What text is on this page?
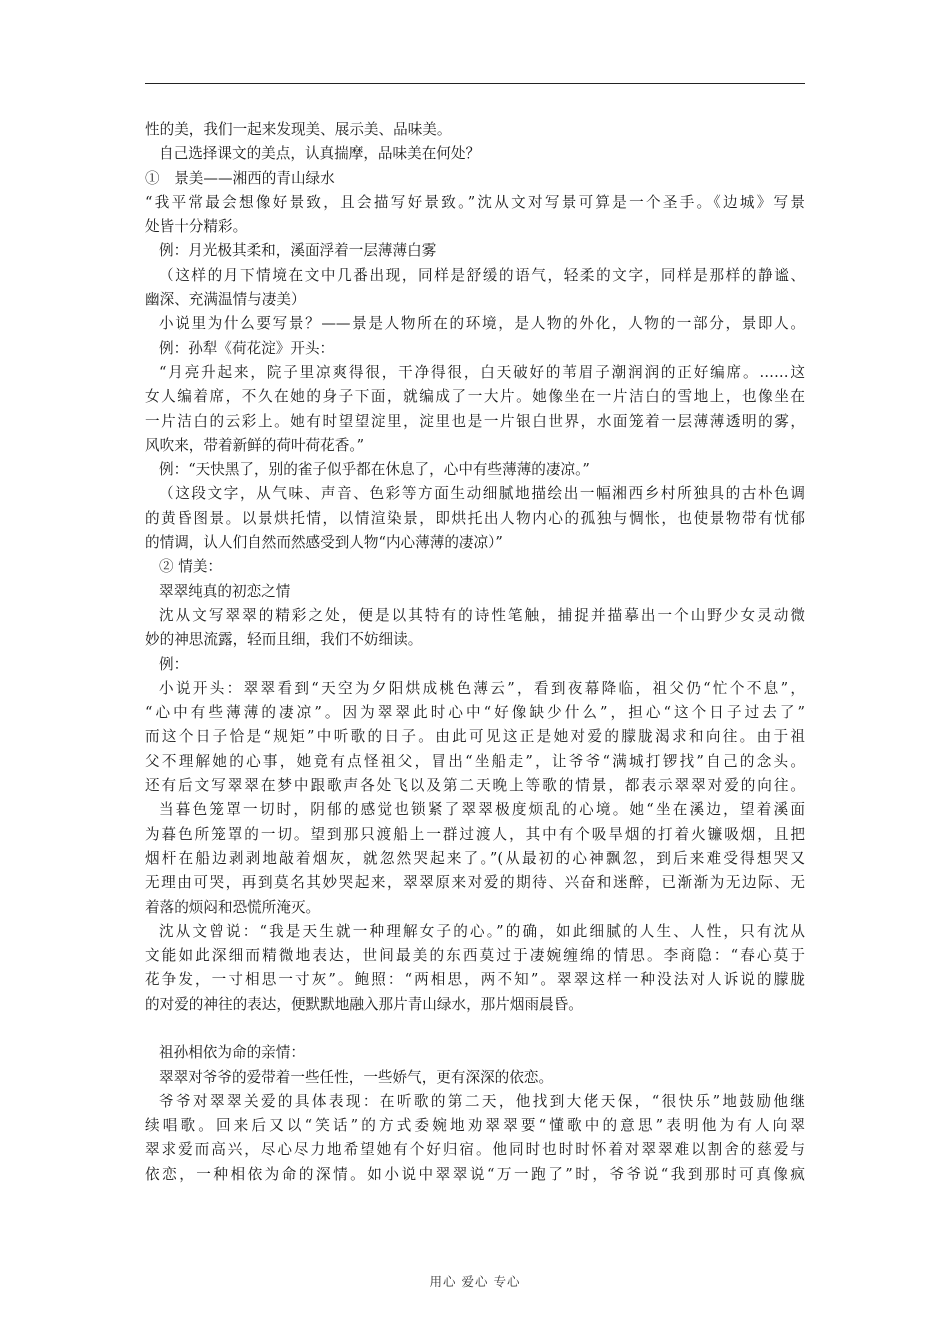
性的美，我们一起来发现美、展示美、品味美。
自己选择课文的美点，认真揣摩，品味美在何处？
①　景美——湘西的青山绿水
“我平常最会想像好景致，且会描写好景致。”沈从文对写景可算是一个圣手。《边城》写景
处皆十分精彩。
例：月光极其柔和，溪面浮着一层薄薄白雾
（这样的月下情境在文中几番出现，同样是舒缓的语气，轻柔的文字，同样是那样的静谧、
幽深、充满温情与凄美）
小说里为什么要写景？——景是人物所在的环境，是人物的外化，人物的一部分，景即人。
例：孙犁《荷花淀》开头：
“月亮升起来，院子里凉爽得很，干净得很，白天破好的苇眉子潮润润的正好编席。……这
女人编着席，不久在她的身子下面，就编成了一大片。她像坐在一片洁白的雪地上，也像坐在
一片洁白的云彩上。她有时望望淀里，淀里也是一片银白世界，水面笼着一层薄薄透明的雾，
风吹来，带着新鲜的荷叶荷花香。”
例：“天快黑了，别的雀子似乎都在休息了，心中有些薄薄的凄凉。”
（这段文字，从气味、声音、色彩等方面生动细腻地描绘出一幅湘西乡村所独具的古朴色调
的黄昏图景。以景烘托情，以情渲染景，即烘托出人物内心的孤独与惆怅，也使景物带有忧郁
的情调，认人们自然而然感受到人物“内心薄薄的凄凉）”
② 情美：
翠翠纯真的初恋之情
沈从文写翠翠的精彩之处，便是以其特有的诗性笔触，捕捉并描摹出一个山野少女灵动微
妙的神思流露，轻而且细，我们不妨细读。
例：
小说开头：翠翠看到“天空为夕阳烘成桃色薄云”，看到夜幕降临，祖父仍“忙个不息”，
“心中有些薄薄的凄凉”。因为翠翠此时心中“好像缺少什么”，担心“这个日子过去了”
而这个日子恰是“规矩”中听歌的日子。由此可见这正是她对爱的朦胧渴求和向往。由于祖
父不理解她的心事，她竟有点怪祖父，冒出“坐船走”，让爷爷“满城打锣找”自己的念头。
还有后文写翠翠在梦中跟歌声各处飞以及第二天晚上等歌的情景，都表示翠翠对爱的向往。
当暮色笼罩一切时，阴郁的感觉也锁紧了翠翠极度烦乱的心境。她“坐在溪边，望着溪面
为暮色所笼罩的一切。望到那只渡船上一群过渡人，其中有个吸旱烟的打着火镰吸烟，且把
烟杆在船边剥剥地敲着烟灰，就忽然哭起来了。”(从最初的心神飘忽，到后来难受得想哭又
无理由可哭，再到莫名其妙哭起来，翠翠原来对爱的期待、兴奋和迷醉，已渐渐为无边际、无
着落的烦闷和恐慌所淹灭。
沈从文曾说：“我是天生就一种理解女子的心。”的确，如此细腻的人生、人性，只有沈从
文能如此深细而精微地表达，世间最美的东西莫过于凄婉缠绵的情思。李商隐：“春心莫于
花争发，一寸相思一寸灰”。鲍照：“两相思，两不知”。翠翠这样一种没法对人诉说的朦胧
的对爱的神往的表达，便默默地融入那片青山绿水，那片烟雨晨昏。
祖孙相依为命的亲情：
翠翠对爷爷的爱带着一些任性，一些娇气，更有深深的依恋。
爷爷对翠翠关爱的具体表现：在听歌的第二天，他找到大佬天保，“很快乐”地鼓励他继
续唱歌。回来后又以“笑话”的方式委婉地劝翠翠要“懂歌中的意思”表明他为有人向翠
翠求爱而高兴，尽心尽力地希望她有个好归宿。他同时也时时怀着对翠翠难以割舍的慈爱与
依恋，一种相依为命的深情。如小说中翠翠说“万一跑了”时，爷爷说“我到那时可真像疯
用心 爱心 专心
